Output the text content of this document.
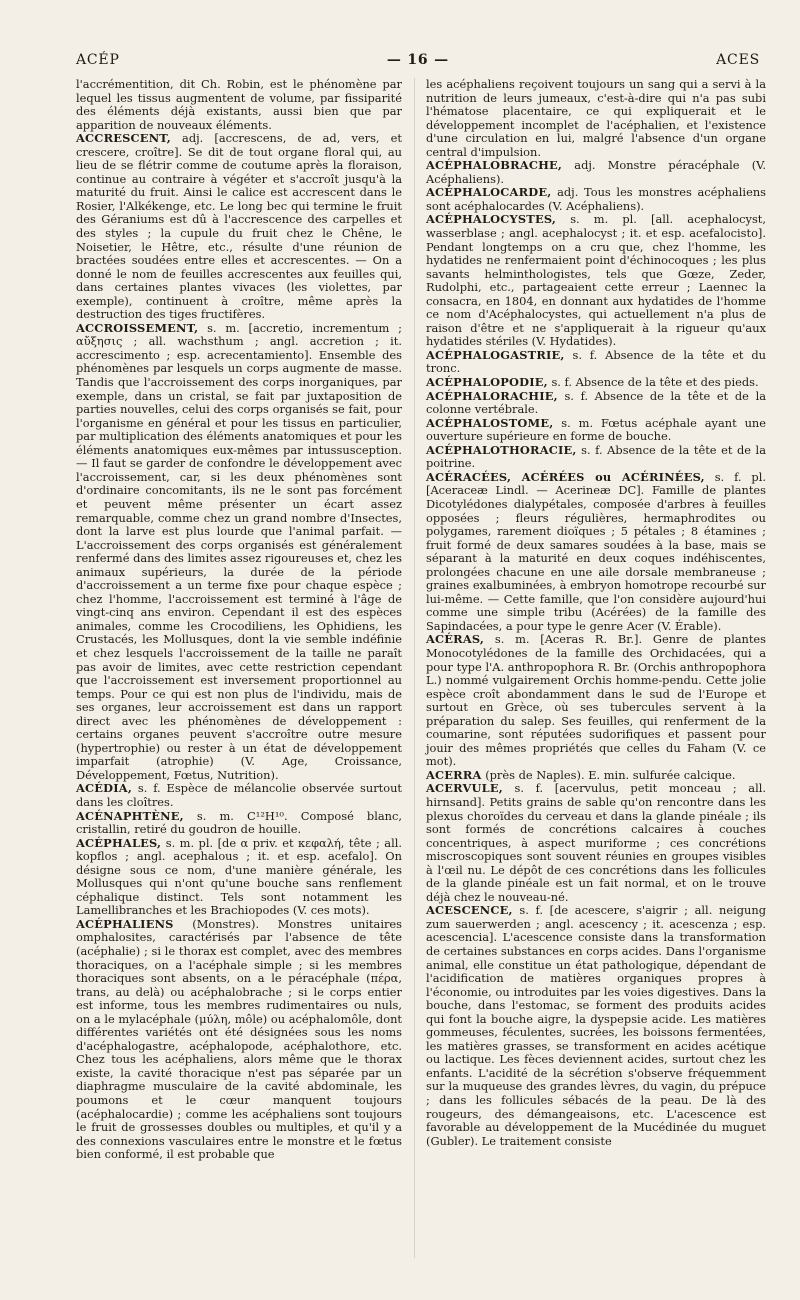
ACÉP	— 16 —	ACES

l'accrémentition, dit Ch. Robin, est le phénomène par lequel les tissus augmentent de volume, par fissiparité des éléments déjà existants, aussi bien que par apparition de nouveaux éléments.

ACCRESCENT, adj. [accrescens, de ad, vers, et crescere, croître]. Se dit de tout organe floral qui, au lieu de se flétrir comme de coutume après la floraison, continue au contraire à végéter et s'accroît jusqu'à la maturité du fruit. Ainsi le calice est accrescent dans le Rosier, l'Alkékenge, etc. Le long bec qui termine le fruit des Géraniums est dû à l'accrescence des carpelles et des styles ; la cupule du fruit chez le Chêne, le Noisetier, le Hêtre, etc., résulte d'une réunion de bractées soudées entre elles et accrescentes. — On a donné le nom de feuilles accrescentes aux feuilles qui, dans certaines plantes vivaces (les violettes, par exemple), continuent à croître, même après la destruction des tiges fructifères.

ACCROISSEMENT, s. m. [accretio, incrementum ; αὔξησις ; all. wachsthum ; angl. accretion ; it. accrescimento ; esp. acrecentamiento]. Ensemble des phénomènes par lesquels un corps augmente de masse. Tandis que l'accroissement des corps inorganiques, par exemple, dans un cristal, se fait par juxtaposition de parties nouvelles, celui des corps organisés se fait, pour l'organisme en général et pour les tissus en particulier, par multiplication des éléments anatomiques et pour les éléments anatomiques eux-mêmes par intussusception. — Il faut se garder de confondre le développement avec l'accroissement, car, si les deux phénomènes sont d'ordinaire concomitants, ils ne le sont pas forcément et peuvent même présenter un écart assez remarquable, comme chez un grand nombre d'Insectes, dont la larve est plus lourde que l'animal parfait. — L'accroissement des corps organisés est généralement renfermé dans des limites assez rigoureuses et, chez les animaux supérieurs, la durée de la période d'accroissement a un terme fixe pour chaque espèce ; chez l'homme, l'accroissement est terminé à l'âge de vingt-cinq ans environ. Cependant il est des espèces animales, comme les Crocodiliens, les Ophidiens, les Crustacés, les Mollusques, dont la vie semble indéfinie et chez lesquels l'accroissement de la taille ne paraît pas avoir de limites, avec cette restriction cependant que l'accroissement est inversement proportionnel au temps. Pour ce qui est non plus de l'individu, mais de ses organes, leur accroissement est dans un rapport direct avec les phénomènes de développement : certains organes peuvent s'accroître outre mesure (hypertrophie) ou rester à un état de développement imparfait (atrophie) (V. Age, Croissance, Développement, Fœtus, Nutrition).

ACÉDIA, s. f. Espèce de mélancolie observée surtout dans les cloîtres.

ACÉNAPHTÈNE, s. m. C¹²H¹⁰. Composé blanc, cristallin, retiré du goudron de houille.

ACÉPHALES, s. m. pl. [de α priv. et κεφαλή, tête ; all. kopflos ; angl. acephalous ; it. et esp. acefalo]. On désigne sous ce nom, d'une manière générale, les Mollusques qui n'ont qu'une bouche sans renflement céphalique distinct. Tels sont notamment les Lamellibranches et les Brachiopodes (V. ces mots).

ACÉPHALIENS (Monstres). Monstres unitaires omphalosites, caractérisés par l'absence de tête (acéphalie) ; si le thorax est complet, avec des membres thoraciques, on a l'acéphale simple ; si les membres thoraciques sont absents, on a le péracéphale (πέρα, trans, au delà) ou acéphalobrache ; si le corps entier est informe, tous les membres rudimentaires ou nuls, on a le mylacéphale (μύλη, môle) ou acéphalomôle, dont différentes variétés ont été désignées sous les noms d'acéphalogastre, acéphalopode, acéphalothore, etc. Chez tous les acéphaliens, alors même que le thorax existe, la cavité thoracique n'est pas séparée par un diaphragme musculaire de la cavité abdominale, les poumons et le cœur manquent toujours (acéphalocardie) ; comme les acéphaliens sont toujours le fruit de grossesses doubles ou multiples, et qu'il y a des connexions vasculaires entre le monstre et le fœtus bien conformé, il est probable que

les acéphaliens reçoivent toujours un sang qui a servi à la nutrition de leurs jumeaux, c'est-à-dire qui n'a pas subi l'hématose placentaire, ce qui expliquerait et le développement incomplet de l'acéphalien, et l'existence d'une circulation en lui, malgré l'absence d'un organe central d'impulsion.

ACÉPHALOBRACHE, adj. Monstre péracéphale (V. Acéphaliens).

ACÉPHALOCARDE, adj. Tous les monstres acéphaliens sont acéphalocardes (V. Acéphaliens).

ACÉPHALOCYSTES, s. m. pl. [all. acephalocyst, wasserblase ; angl. acephalocyst ; it. et esp. acefalocisto]. Pendant longtemps on a cru que, chez l'homme, les hydatides ne renfermaient point d'échinocoques ; les plus savants helminthologistes, tels que Gœze, Zeder, Rudolphi, etc., partageaient cette erreur ; Laennec la consacra, en 1804, en donnant aux hydatides de l'homme ce nom d'Acéphalocystes, qui actuellement n'a plus de raison d'être et ne s'appliquerait à la rigueur qu'aux hydatides stériles (V. Hydatides).

ACÉPHALOGASTRIE, s. f. Absence de la tête et du tronc.

ACÉPHALOPODIE, s. f. Absence de la tête et des pieds.

ACÉPHALORACHIE, s. f. Absence de la tête et de la colonne vertébrale.

ACÉPHALOSTOME, s. m. Fœtus acéphale ayant une ouverture supérieure en forme de bouche.

ACÉPHALOTHORACIE, s. f. Absence de la tête et de la poitrine.

ACÉRACÉES, ACÉRÉES ou ACÉRINÉES, s. f. pl. [Aceraceæ Lindl. — Acerineæ DC]. Famille de plantes Dicotylédones dialypétales, composée d'arbres à feuilles opposées ; fleurs régulières, hermaphrodites ou polygames, rarement dioïques ; 5 pétales ; 8 étamines ; fruit formé de deux samares soudées à la base, mais se séparant à la maturité en deux coques indéhiscentes, prolongées chacune en une aile dorsale membraneuse ; graines exalbuminées, à embryon homotrope recourbé sur lui-même. — Cette famille, que l'on considère aujourd'hui comme une simple tribu (Acérées) de la famille des Sapindacées, a pour type le genre Acer (V. Érable).

ACÉRAS, s. m. [Aceras R. Br.]. Genre de plantes Monocotylédones de la famille des Orchidacées, qui a pour type l'A. anthropophora R. Br. (Orchis anthropophora L.) nommé vulgairement Orchis homme-pendu. Cette jolie espèce croît abondamment dans le sud de l'Europe et surtout en Grèce, où ses tubercules servent à la préparation du salep. Ses feuilles, qui renferment de la coumarine, sont réputées sudorifiques et passent pour jouir des mêmes propriétés que celles du Faham (V. ce mot).

ACERRA (près de Naples). E. min. sulfurée calcique.

ACERVULE, s. f. [acervulus, petit monceau ; all. hirnsand]. Petits grains de sable qu'on rencontre dans les plexus choroïdes du cerveau et dans la glande pinéale ; ils sont formés de concrétions calcaires à couches concentriques, à aspect muriforme ; ces concrétions miscroscopiques sont souvent réunies en groupes visibles à l'œil nu. Le dépôt de ces concrétions dans les follicules de la glande pinéale est un fait normal, et on le trouve déjà chez le nouveau-né.

ACESCENCE, s. f. [de acescere, s'aigrir ; all. neigung zum sauerwerden ; angl. acescency ; it. acescenza ; esp. acescencia]. L'acescence consiste dans la transformation de certaines substances en corps acides. Dans l'organisme animal, elle constitue un état pathologique, dépendant de l'acidification de matières organiques propres à l'économie, ou introduites par les voies digestives. Dans la bouche, dans l'estomac, se forment des produits acides qui font la bouche aigre, la dyspepsie acide. Les matières gommeuses, féculentes, sucrées, les boissons fermentées, les matières grasses, se transforment en acides acétique ou lactique. Les fèces deviennent acides, surtout chez les enfants. L'acidité de la sécrétion s'observe fréquemment sur la muqueuse des grandes lèvres, du vagin, du prépuce ; dans les follicules sébacés de la peau. De là des rougeurs, des démangeaisons, etc. L'acescence est favorable au développement de la Mucédinée du muguet (Gubler). Le traitement consiste
